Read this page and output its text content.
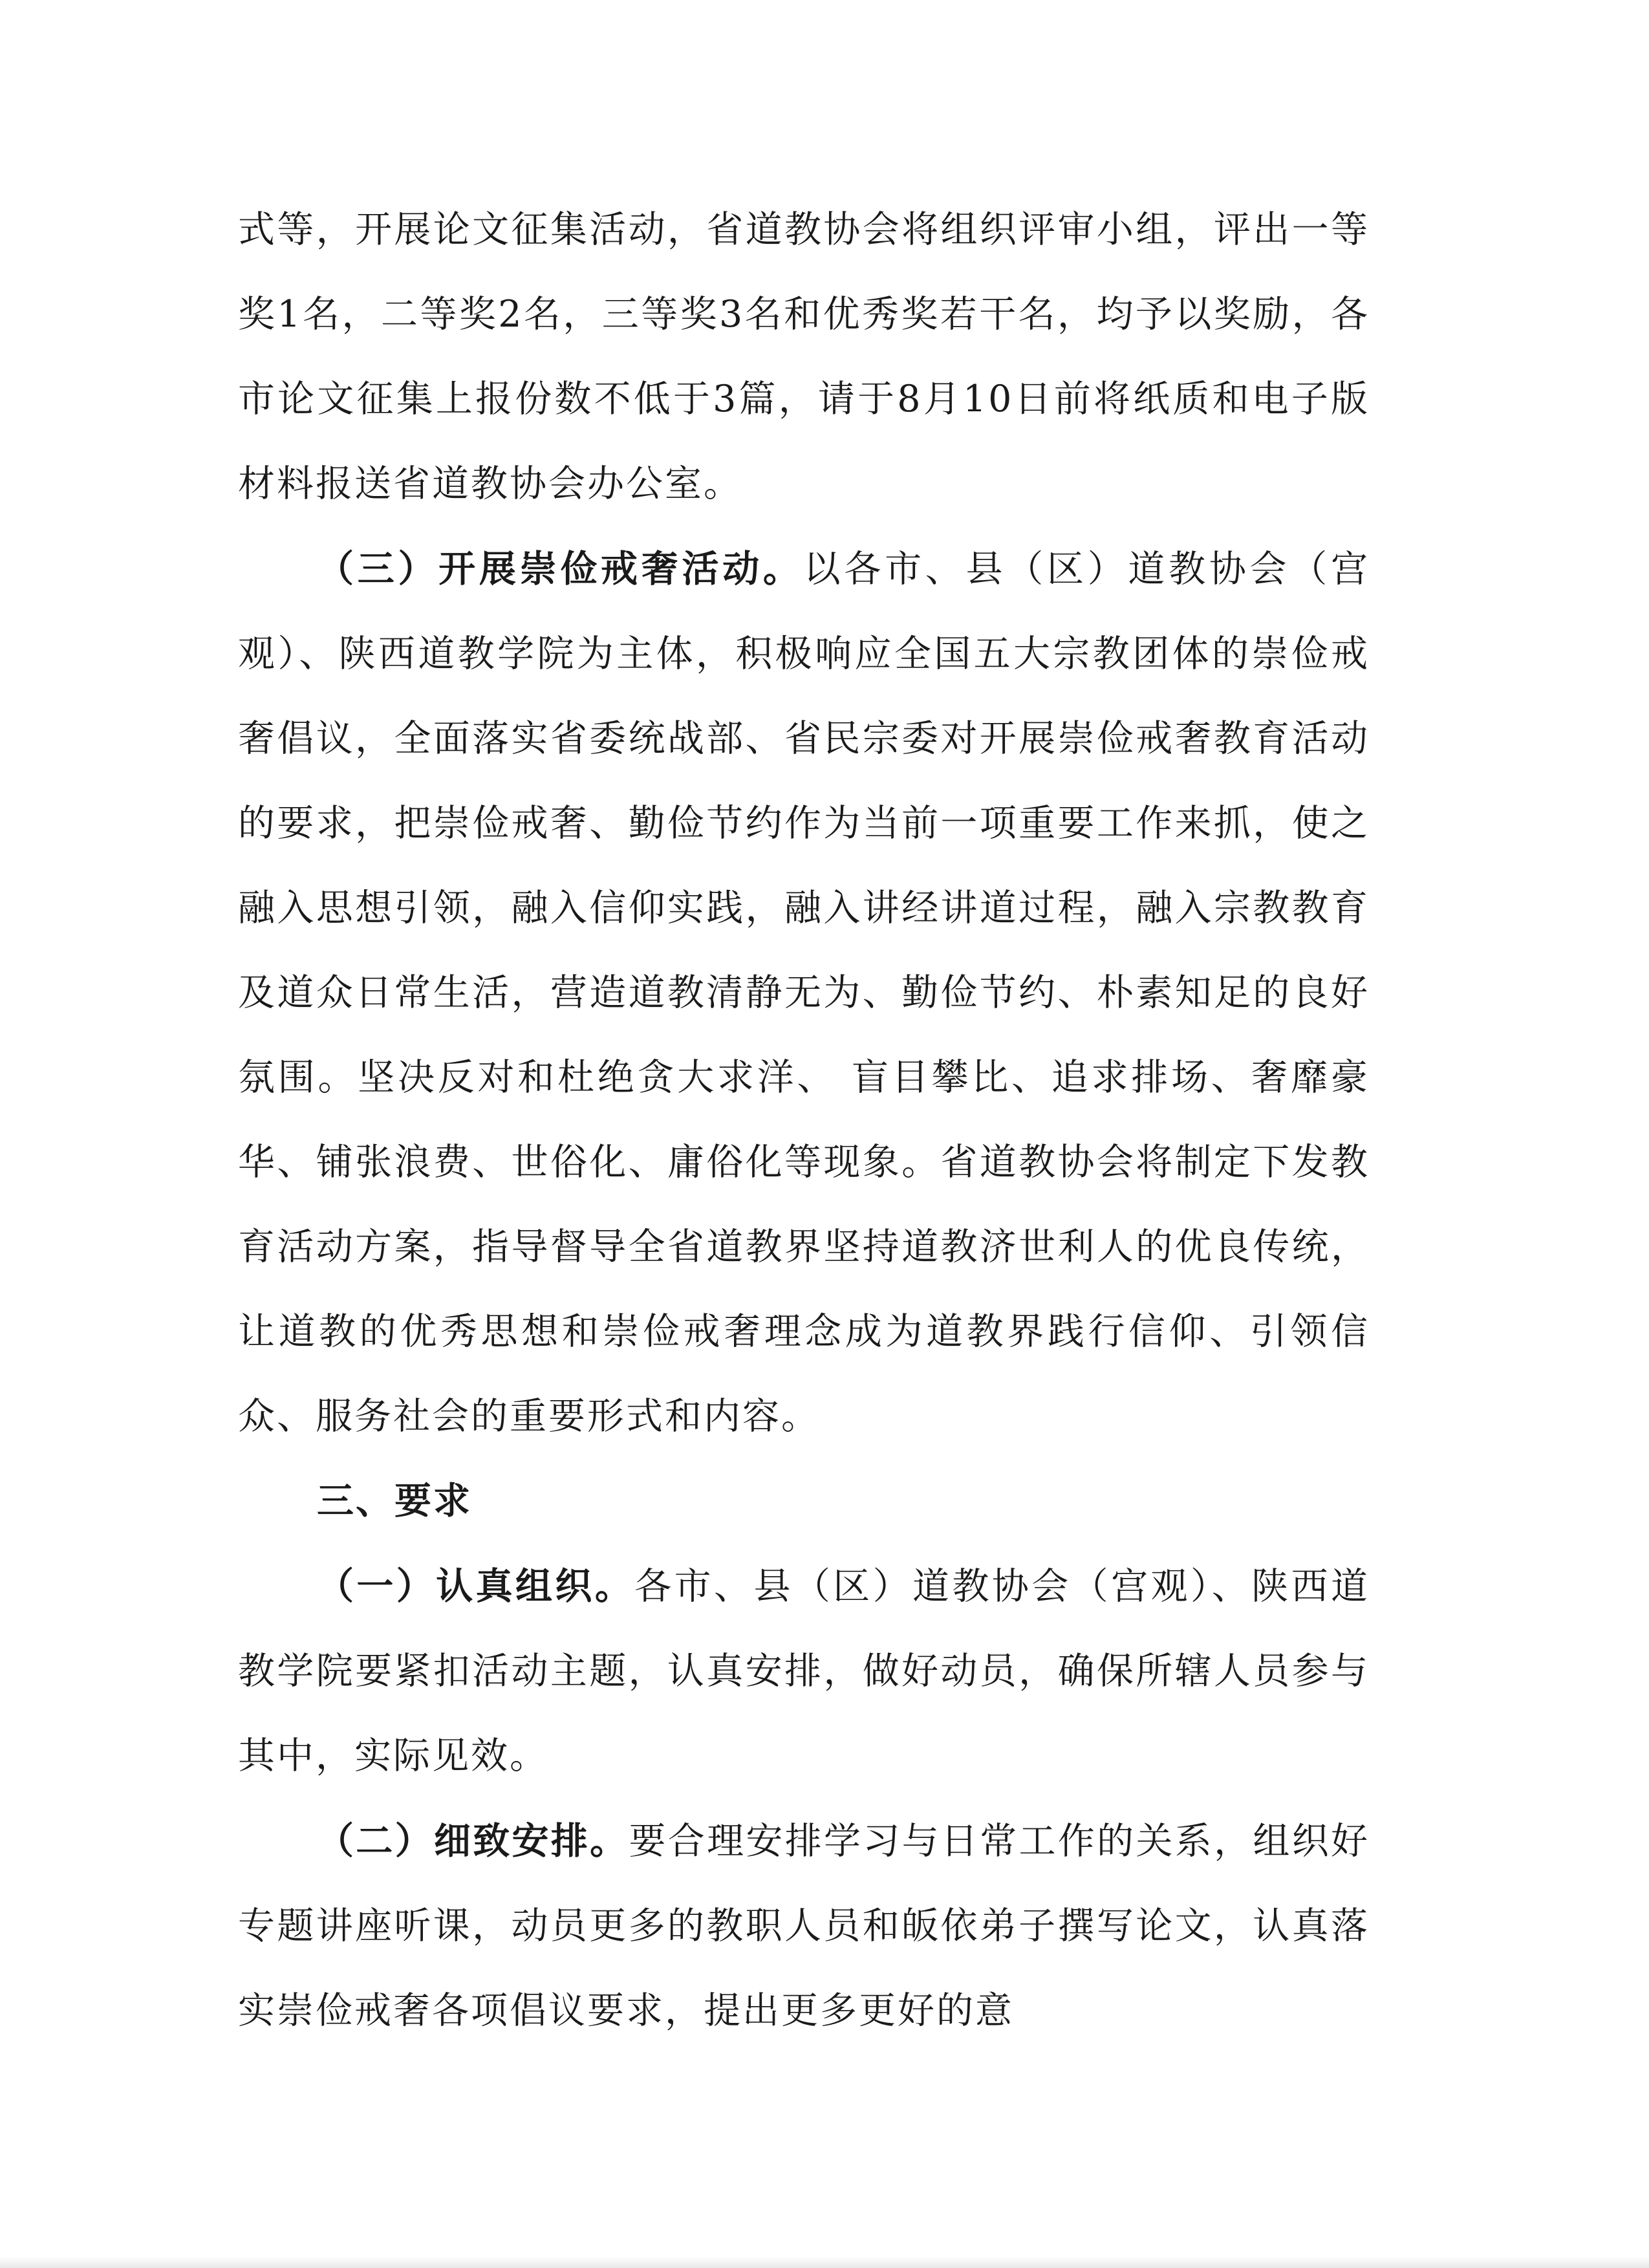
式等，开展论文征集活动，省道教协会将组织评审小组，评出一等奖1名，二等奖2名，三等奖3名和优秀奖若干名，均予以奖励，各市论文征集上报份数不低于3篇，请于8月10日前将纸质和电子版材料报送省道教协会办公室。

（三）开展崇俭戒奢活动。以各市、县（区）道教协会（宫观）、陕西道教学院为主体，积极响应全国五大宗教团体的崇俭戒奢倡议，全面落实省委统战部、省民宗委对开展崇俭戒奢教育活动的要求，把崇俭戒奢、勤俭节约作为当前一项重要工作来抓，使之融入思想引领，融入信仰实践，融入讲经讲道过程，融入宗教教育及道众日常生活，营造道教清静无为、勤俭节约、朴素知足的良好氛围。坚决反对和杜绝贪大求洋、 盲目攀比、追求排场、奢靡豪华、铺张浪费、世俗化、庸俗化等现象。省道教协会将制定下发教育活动方案，指导督导全省道教界坚持道教济世利人的优良传统，让道教的优秀思想和崇俭戒奢理念成为道教界践行信仰、引领信众、服务社会的重要形式和内容。

三、要求

（一）认真组织。各市、县（区）道教协会（宫观）、陕西道教学院要紧扣活动主题，认真安排，做好动员，确保所辖人员参与其中，实际见效。

（二）细致安排。要合理安排学习与日常工作的关系，组织好专题讲座听课，动员更多的教职人员和皈依弟子撰写论文，认真落实崇俭戒奢各项倡议要求，提出更多更好的意
